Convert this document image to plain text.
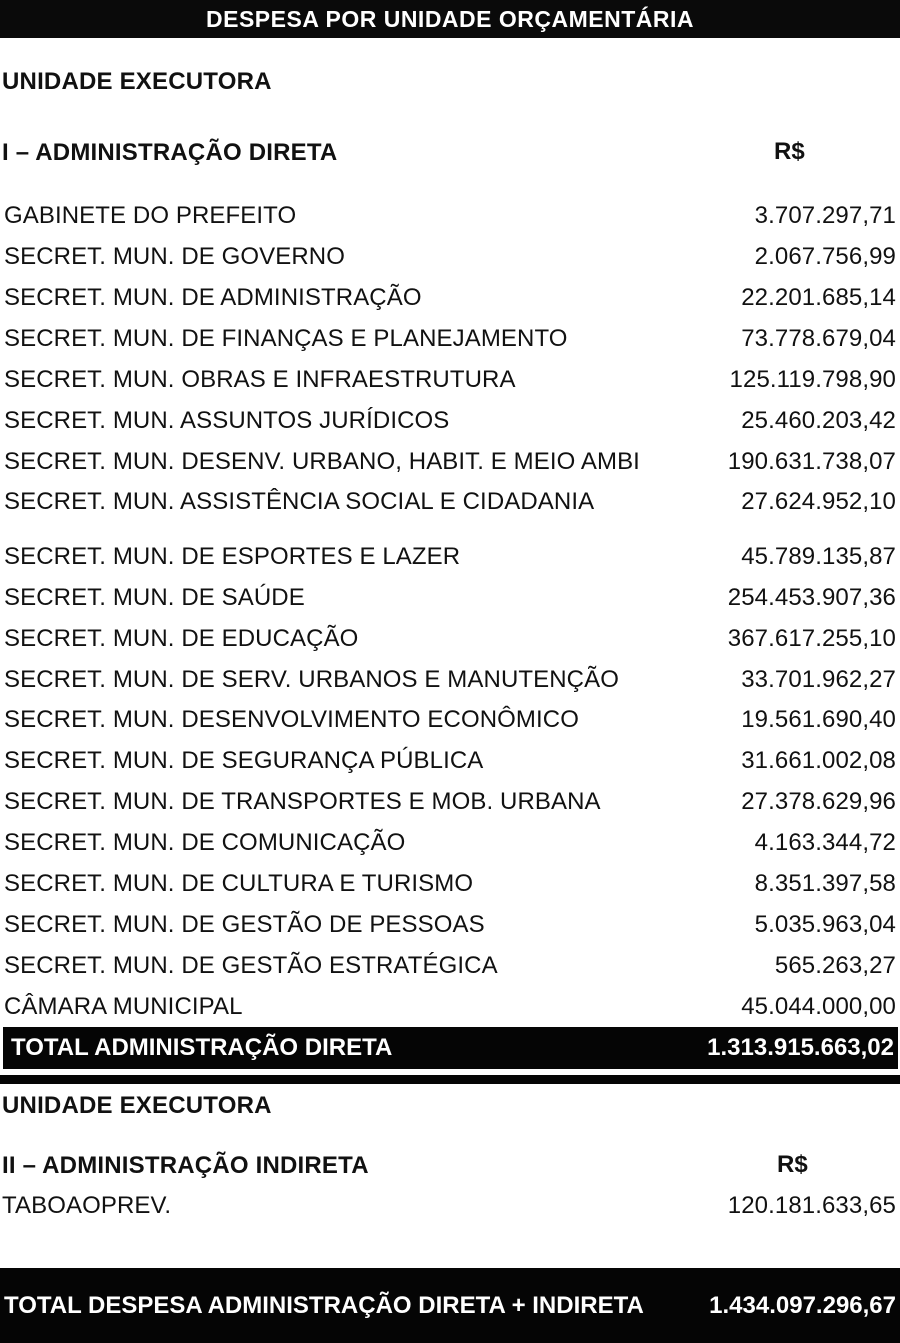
DESPESA POR UNIDADE ORÇAMENTÁRIA
UNIDADE EXECUTORA
I – ADMINISTRAÇÃO DIRETA	R$
GABINETE DO PREFEITO	3.707.297,71
SECRET. MUN. DE GOVERNO	2.067.756,99
SECRET. MUN. DE ADMINISTRAÇÃO	22.201.685,14
SECRET. MUN. DE FINANÇAS E PLANEJAMENTO	73.778.679,04
SECRET. MUN. OBRAS E INFRAESTRUTURA	125.119.798,90
SECRET. MUN. ASSUNTOS JURÍDICOS	25.460.203,42
SECRET. MUN. DESENV. URBANO, HABIT. E MEIO AMBI	190.631.738,07
SECRET. MUN. ASSISTÊNCIA SOCIAL E CIDADANIA	27.624.952,10
SECRET. MUN. DE ESPORTES E LAZER	45.789.135,87
SECRET. MUN. DE SAÚDE	254.453.907,36
SECRET. MUN. DE EDUCAÇÃO	367.617.255,10
SECRET. MUN. DE SERV. URBANOS E MANUTENÇÃO	33.701.962,27
SECRET. MUN. DESENVOLVIMENTO ECONÔMICO	19.561.690,40
SECRET. MUN. DE SEGURANÇA PÚBLICA	31.661.002,08
SECRET. MUN. DE TRANSPORTES E MOB. URBANA	27.378.629,96
SECRET. MUN. DE COMUNICAÇÃO	4.163.344,72
SECRET. MUN. DE CULTURA E TURISMO	8.351.397,58
SECRET. MUN. DE GESTÃO DE PESSOAS	5.035.963,04
SECRET. MUN. DE GESTÃO ESTRATÉGICA	565.263,27
CÂMARA MUNICIPAL	45.044.000,00
TOTAL ADMINISTRAÇÃO DIRETA	1.313.915.663,02
UNIDADE EXECUTORA
II – ADMINISTRAÇÃO INDIRETA	R$
TABOAOPREV.	120.181.633,65
TOTAL DESPESA ADMINISTRAÇÃO DIRETA + INDIRETA	1.434.097.296,67
